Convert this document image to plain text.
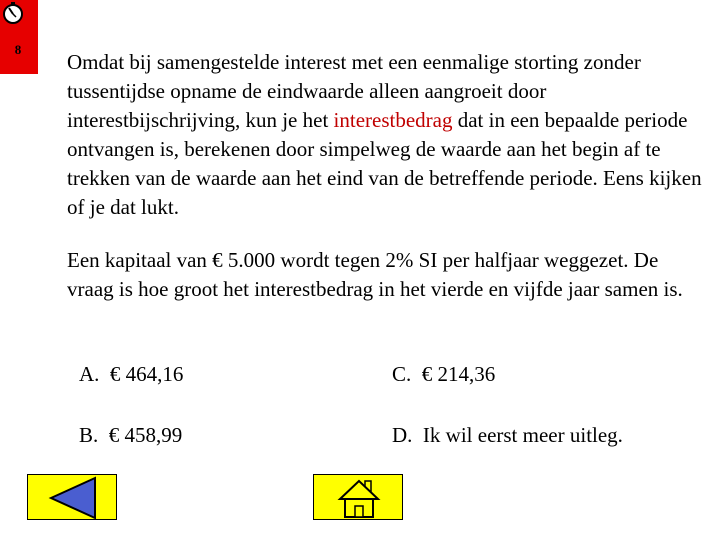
8

Omdat bij samengestelde interest met een eenmalige storting zonder tussentijdse opname de eindwaarde alleen aangroeit door interestbijschrijving, kun je het interestbedrag dat in een bepaalde periode ontvangen is, berekenen door simpelweg de waarde aan het begin af te trekken van de waarde aan het eind van de betreffende periode. Eens kijken of je dat lukt.

Een kapitaal van € 5.000 wordt tegen 2% SI per halfjaar weggezet. De vraag is hoe groot het interestbedrag in het vierde en vijfde jaar samen is.

A.  € 464,16	C.  € 214,36
B.  € 458,99	D.  Ik wil eerst meer uitleg.
